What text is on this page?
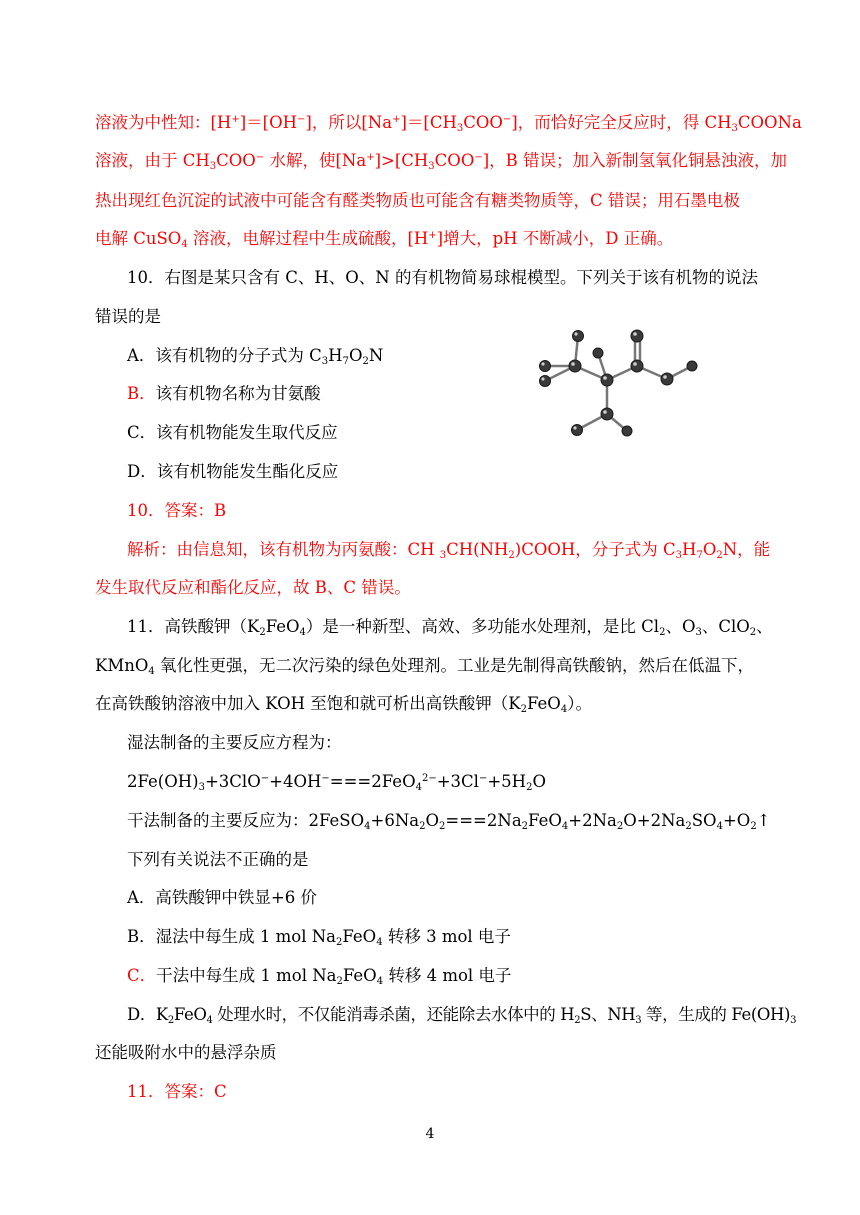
溶液为中性知：[H+]＝[OH−]，所以$[Na^+]=[CH_3COO^-]$，而恰好完全反应时，得 $CH_3COONa$
溶液，由于 $CH_3COO^-$ 水解，使$[Na^+]>[CH_3COO^-]$，B 错误；加入新制氢氧化铜悬浊液，加
热出现红色沉淀的试液中可能含有醛类物质也可能含有糖类物质等，C 错误；用石墨电极
电解 CuSO$_4$ 溶液，电解过程中生成硫酸，[H+]增大，pH 不断减小，D 正确。
10．右图是某只含有 C、H、O、N 的有机物简易球棍模型。下列关于该有机物的说法
错误的是
A．该有机物的分子式为 $C_3H_7O_2N$
B．该有机物名称为甘氨酸
C．该有机物能发生取代反应
D．该有机物能发生酯化反应
10．答案：B
解析：由信息知，该有机物为丙氨酸：CH $_3CH(NH_2)COOH$，分子式为 $C_3H_7O_2N$，能
发生取代反应和酯化反应，故 B、C 错误。
11．高铁酸钾$(K_2FeO_4)$是一种新型、高效、多功能水处理剂，是比 $Cl_2$、$O_3$、ClO$_2$、
KMnO$_4$ 氧化性更强，无二次污染的绿色处理剂。工业是先制得高铁酸钠，然后在低温下，
在高铁酸钠溶液中加入 KOH 至饱和就可析出高铁酸钾$(K_2FeO_4)$。
湿法制备的主要反应方程为：
$2Fe(OH)_3+3ClO^-+4OH^-===2FeO_4^{2-}+3Cl^-+5H_2O$
干法制备的主要反应为：$2FeSO_4+6Na_2O_2===2Na_2FeO_4+2Na_2O+2Na_2SO_4+O_2↑$
下列有关说法不正确的是
A．高铁酸钾中铁显+6 价
B．湿法中每生成 1 mol $Na_2FeO_4$ 转移 3 mol 电子
C．干法中每生成 1 mol $Na_2FeO_4$ 转移 4 mol 电子
D．$K_2FeO_4$ 处理水时，不仅能消毒杀菌，还能除去水体中的 $H_2S$、$NH_3$ 等，生成的 $Fe(OH)_3$
还能吸附水中的悬浮杂质
11．答案：C
4
